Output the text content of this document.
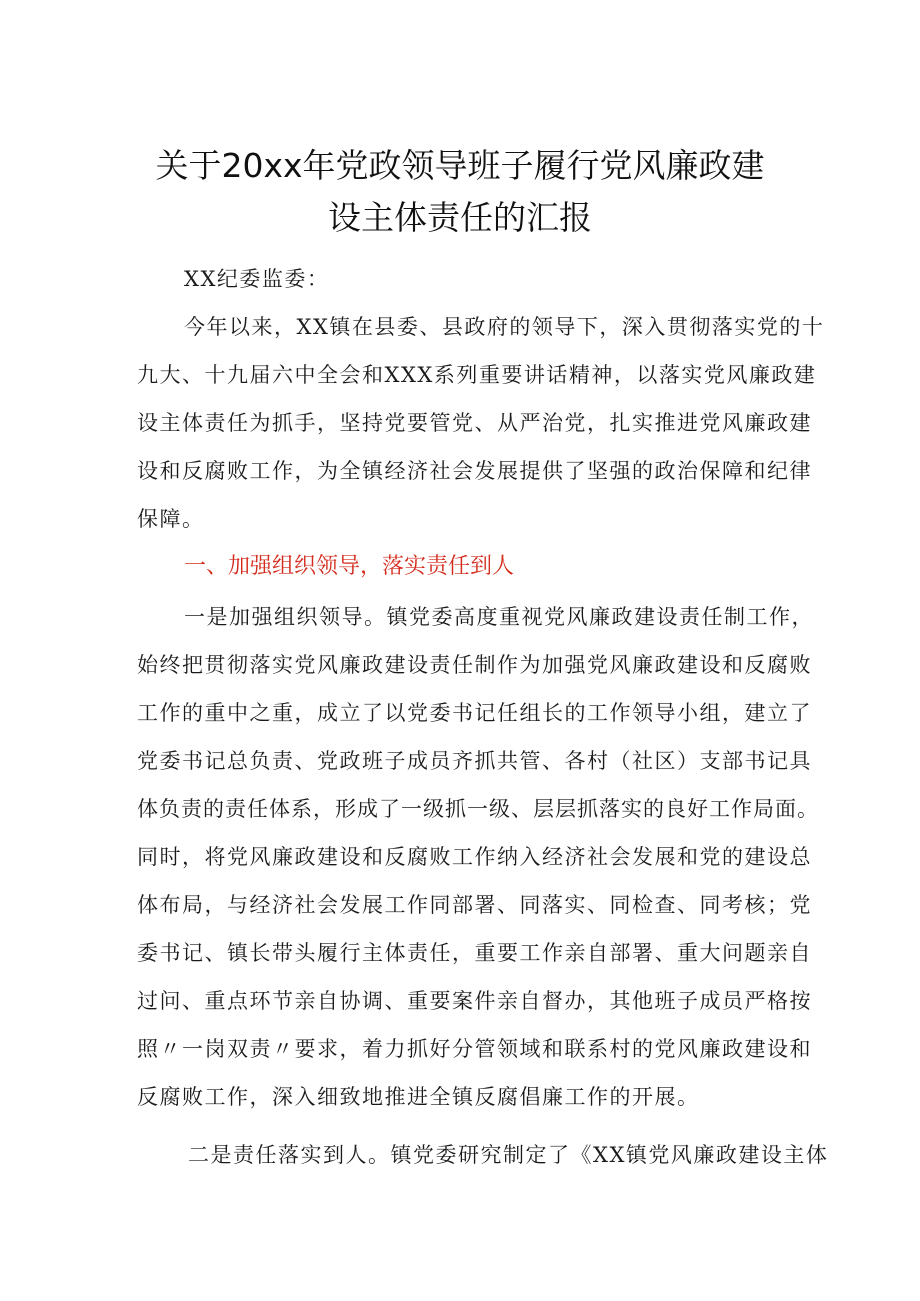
关于20xx年党政领导班子履行党风廉政建
设主体责任的汇报
XX纪委监委：
今年以来，XX镇在县委、县政府的领导下，深入贯彻落实党的十
九大、十九届六中全会和XXX系列重要讲话精神，以落实党风廉政建
设主体责任为抓手，坚持党要管党、从严治党，扎实推进党风廉政建
设和反腐败工作，为全镇经济社会发展提供了坚强的政治保障和纪律
保障。
一、加强组织领导，落实责任到人
一是加强组织领导。镇党委高度重视党风廉政建设责任制工作，
始终把贯彻落实党风廉政建设责任制作为加强党风廉政建设和反腐败
工作的重中之重，成立了以党委书记任组长的工作领导小组，建立了
党委书记总负责、党政班子成员齐抓共管、各村（社区）支部书记具
体负责的责任体系，形成了一级抓一级、层层抓落实的良好工作局面。
同时，将党风廉政建设和反腐败工作纳入经济社会发展和党的建设总
体布局，与经济社会发展工作同部署、同落实、同检查、同考核；党
委书记、镇长带头履行主体责任，重要工作亲自部署、重大问题亲自
过问、重点环节亲自协调、重要案件亲自督办，其他班子成员严格按
照〃一岗双责〃要求，着力抓好分管领域和联系村的党风廉政建设和
反腐败工作，深入细致地推进全镇反腐倡廉工作的开展。
二是责任落实到人。镇党委研究制定了《XX镇党风廉政建设主体
